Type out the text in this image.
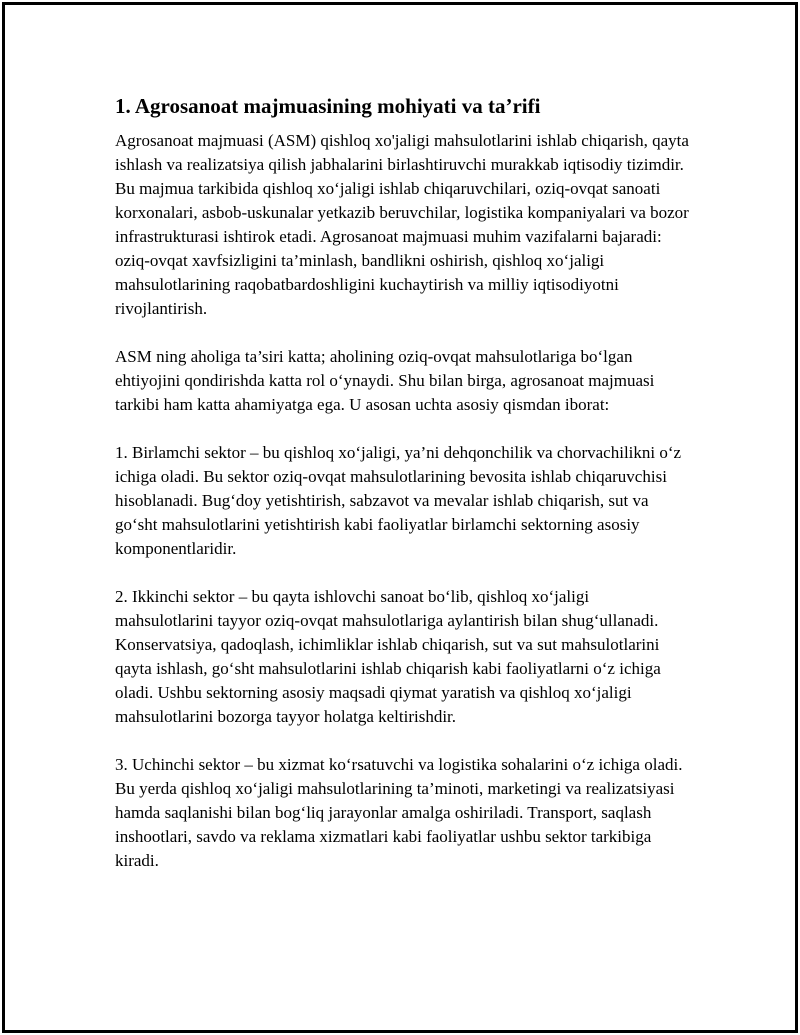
1. Agrosanoat majmuasining mohiyati va ta’rifi

Agrosanoat majmuasi (ASM) qishloq xo'jaligi mahsulotlarini ishlab chiqarish, qayta ishlash va realizatsiya qilish jabhalarini birlashtiruvchi murakkab iqtisodiy tizimdir. Bu majmua tarkibida qishloq xo‘jaligi ishlab chiqaruvchilari, oziq-ovqat sanoati korxonalari, asbob-uskunalar yetkazib beruvchilar, logistika kompaniyalari va bozor infrastrukturasi ishtirok etadi. Agrosanoat majmuasi muhim vazifalarni bajaradi: oziq-ovqat xavfsizligini ta’minlash, bandlikni oshirish, qishloq xo‘jaligi mahsulotlarining raqobatbardoshligini kuchaytirish va milliy iqtisodiyotni rivojlantirish.

ASM ning aholiga ta’siri katta; aholining oziq-ovqat mahsulotlariga bo‘lgan ehtiyojini qondirishda katta rol o‘ynaydi. Shu bilan birga, agrosanoat majmuasi tarkibi ham katta ahamiyatga ega. U asosan uchta asosiy qismdan iborat:

1. Birlamchi sektor – bu qishloq xo‘jaligi, ya’ni dehqonchilik va chorvachilikni o‘z ichiga oladi. Bu sektor oziq-ovqat mahsulotlarining bevosita ishlab chiqaruvchisi hisoblanadi. Bug‘doy yetishtirish, sabzavot va mevalar ishlab chiqarish, sut va go‘sht mahsulotlarini yetishtirish kabi faoliyatlar birlamchi sektorning asosiy komponentlaridir.

2. Ikkinchi sektor – bu qayta ishlovchi sanoat bo‘lib, qishloq xo‘jaligi mahsulotlarini tayyor oziq-ovqat mahsulotlariga aylantirish bilan shug‘ullanadi. Konservatsiya, qadoqlash, ichimliklar ishlab chiqarish, sut va sut mahsulotlarini qayta ishlash, go‘sht mahsulotlarini ishlab chiqarish kabi faoliyatlarni o‘z ichiga oladi. Ushbu sektorning asosiy maqsadi qiymat yaratish va qishloq xo‘jaligi mahsulotlarini bozorga tayyor holatga keltirishdir.

3. Uchinchi sektor – bu xizmat ko‘rsatuvchi va logistika sohalarini o‘z ichiga oladi. Bu yerda qishloq xo‘jaligi mahsulotlarining ta’minoti, marketingi va realizatsiyasi hamda saqlanishi bilan bog‘liq jarayonlar amalga oshiriladi. Transport, saqlash inshootlari, savdo va reklama xizmatlari kabi faoliyatlar ushbu sektor tarkibiga kiradi.
